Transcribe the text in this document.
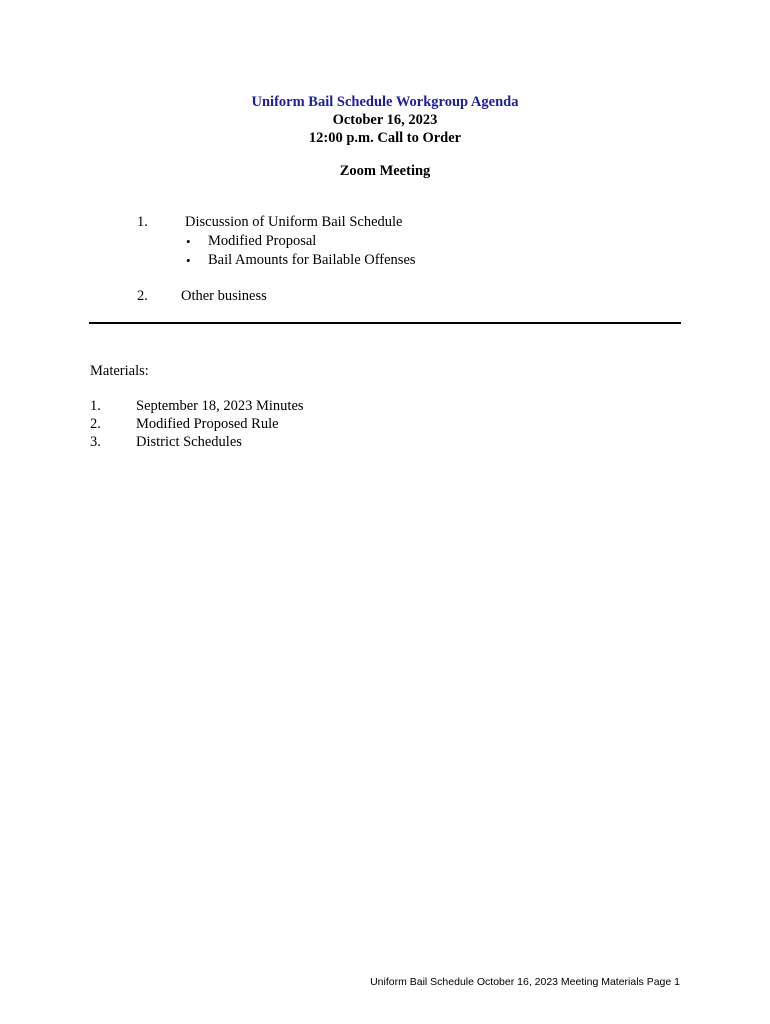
Uniform Bail Schedule Workgroup Agenda
October 16, 2023
12:00 p.m. Call to Order
Zoom Meeting
1.	Discussion of Uniform Bail Schedule
• Modified Proposal
• Bail Amounts for Bailable Offenses
2. Other business
Materials:
1. September 18, 2023 Minutes
2. Modified Proposed Rule
3. District Schedules
Uniform Bail Schedule October 16, 2023 Meeting Materials Page 1
